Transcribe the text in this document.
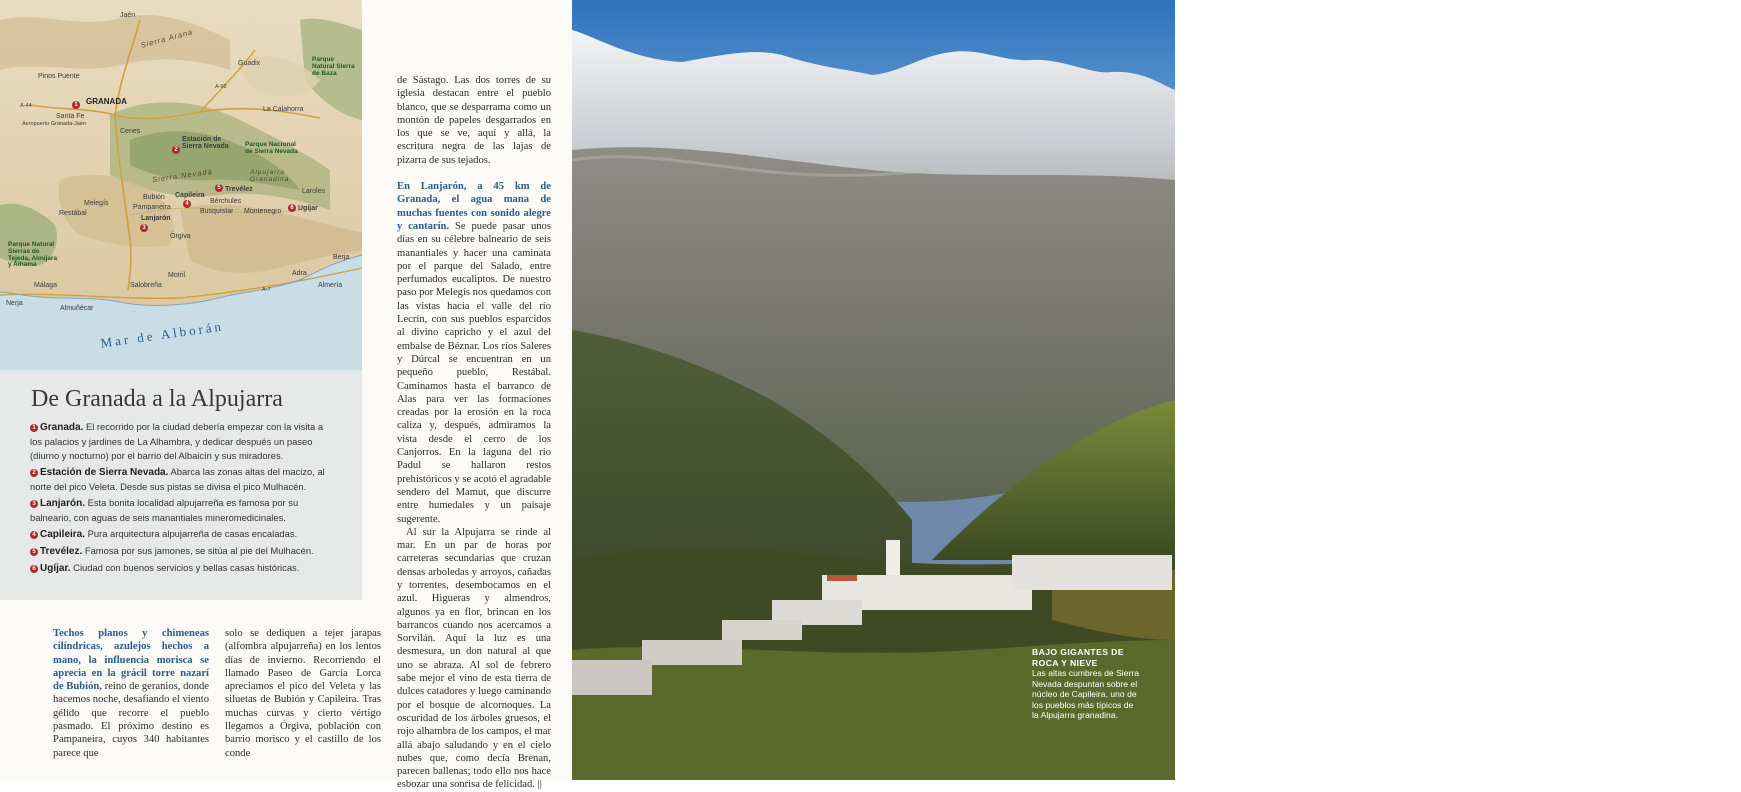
Jaén
Sierra Arana
Guadix
Pinos Puente
Parque Natural Sierra de Baza
A-44
A-92
GRANADA
La Calahorra
Santa Fe
Aeropuerto Granada-Jaén
Cenes
Parque Nacional de Sierra Nevada
Estación de Sierra Nevada
2
1
Sierra Nevada
Capileira
4
Trevélez
5
Alpujarra Granadina
Bérchules
Laroles
Melegís
Restábal
Bubión
Pampaneira
Busquístar Montenegro Ugíjar
6
Lanjarón
3
Parque Natural Sierras de Tejeda, Almijara y Alhama
Órgiva
Berja
Motril
Salobreña
Adra
Málaga	Almería
Nerja
Almuñécar
A-7
Mar de Alborán
De Granada a la Alpujarra
1 Granada. El recorrido por la ciudad debería empezar con la visita a los palacios y jardines de La Alhambra, y dedicar después un paseo (diurno y nocturno) por el barrio del Albaicín y sus miradores.
2 Estación de Sierra Nevada. Abarca las zonas altas del macizo, al norte del pico Veleta. Desde sus pistas se divisa el pico Mulhacén.
3 Lanjarón. Esta bonita localidad alpujarreña es famosa por su balneario, con aguas de seis manantiales mineromedicinales.
4 Capileira. Pura arquitectura alpujarreña de casas encaladas.
5 Trevélez. Famosa por sus jamones, se sitúa al pie del Mulhacén.
6 Ugíjar. Ciudad con buenos servicios y bellas casas históricas.

Techos planos y chimeneas cilíndricas, azulejos hechos a mano, la influencia morisca se aprecia en la grácil torre nazarí de Bubión, reino de geranios, donde hacemos noche, desafiando el viento gélido que recorre el pueblo pasmado. El próximo destino es Pampaneira, cuyos 340 habitantes parece que

solo se dediquen a tejer jarapas (alfombra alpujarreña) en los lentos días de invierno. Recorriendo el llamado Paseo de García Lorca apreciamos el pico del Veleta y las siluetas de Bubión y Capileira. Tras muchas curvas y cierto vértigo llegamos a Órgiva, población con barrio morisco y el castillo de los conde

de Sástago. Las dos torres de su iglesia destacan entre el pueblo blanco, que se desparrama como un montón de papeles desgarrados en los que se ve, aquí y allá, la escritura negra de las lajas de pizarra de sus tejados.

En Lanjarón, a 45 km de Granada, el agua mana de muchas fuentes con sonido alegre y cantarín. Se puede pasar unos días en su célebre balneario de seis manantiales y hacer una caminata por el parque del Salado, entre perfumados eucaliptos. De nuestro paso por Melegís nos quedamos con las vistas hacia el valle del río Lecrín, con sus pueblos esparcidos al divino capricho y el azul del embalse de Béznar. Los ríos Saleres y Dúrcal se encuentran en un pequeño pueblo, Restábal. Caminamos hasta el barranco de Alas para ver las formaciones creadas por la erosión en la roca caliza y, después, admiramos la vista desde el cerro de los Canjorros. En la laguna del río Padul se hallaron restos prehistóricos y se acotó el agradable sendero del Mamut, que discurre entre humedales y un paisaje sugerente.

Al sur la Alpujarra se rinde al mar. En un par de horas por carreteras secundarias que cruzan densas arboledas y arroyos, cañadas y torrentes, desembocamos en el azul. Higueras y almendros, algunos ya en flor, brincan en los barrancos cuando nos acercamos a Sorvilán. Aquí la luz es una desmesura, un don natural al que uno se abraza. Al sol de febrero sabe mejor el vino de esta tierra de dulces catadores y luego caminando por el bosque de alcornoques. La oscuridad de los árboles gruesos, el rojo alhambra de los campos, el mar allá abajo saludando y en el cielo nubes que, como decía Brenan, parecen ballenas; todo ello nos hace esbozar una sonrisa de felicidad. ||

KIKE PALACIO/AGE FOTOSTOCK
BAJO GIGANTES DE ROCA Y NIEVE
Las altas cumbres de Sierra Nevada despuntan sobre el núcleo de Capileira, uno de los pueblos más típicos de la Alpujarra granadina.
